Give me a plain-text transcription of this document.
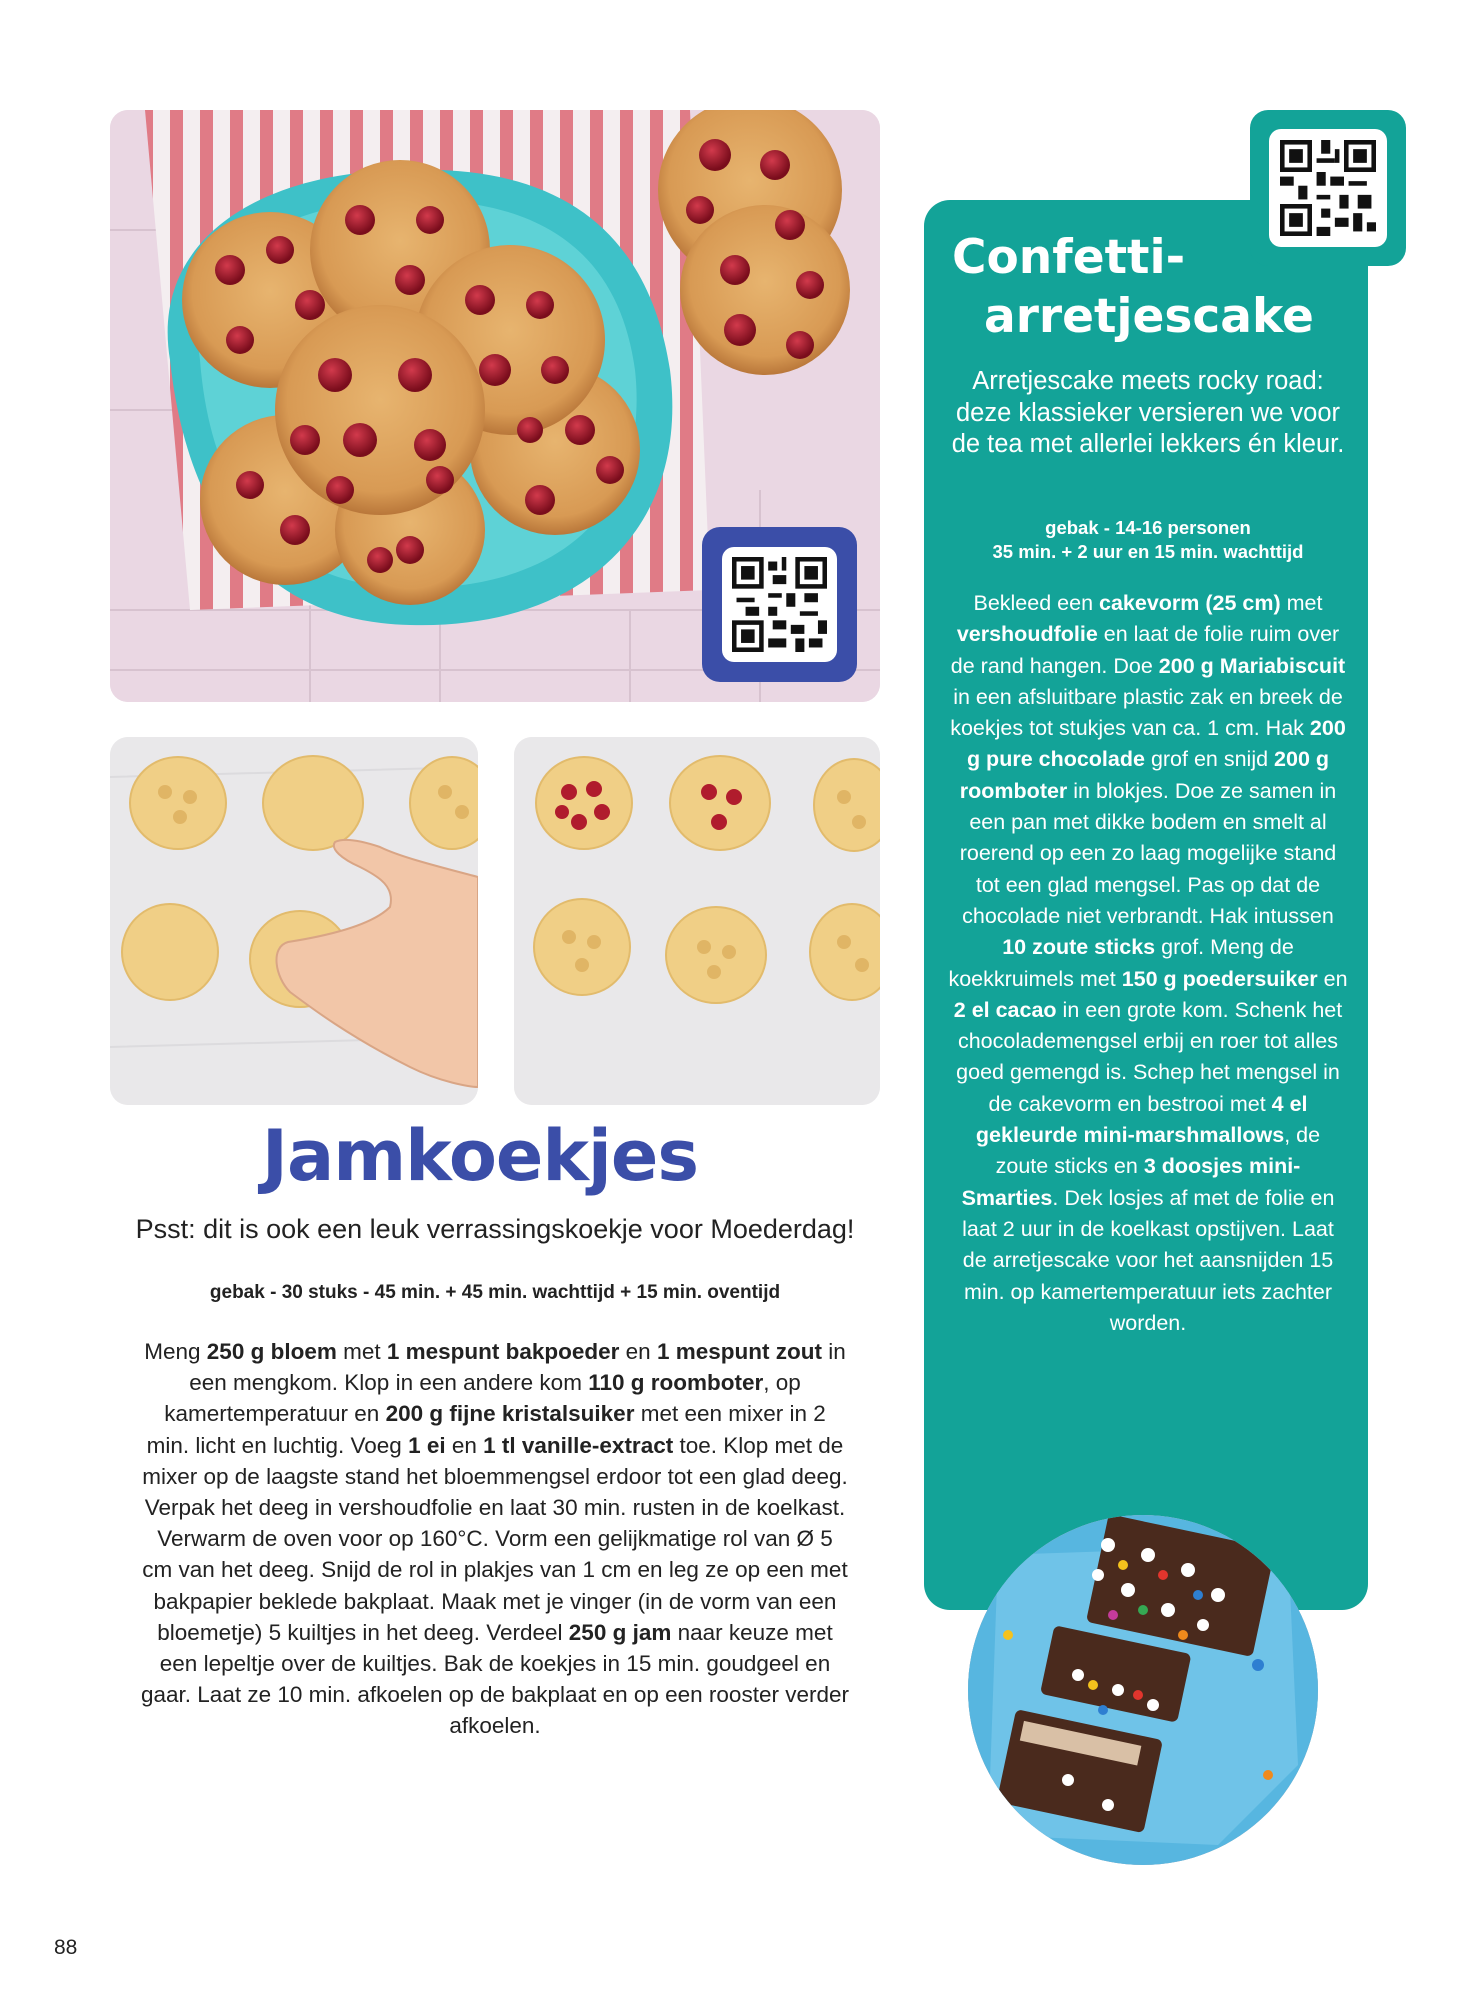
Jamkoekjes
Psst: dit is ook een leuk verrassingskoekje voor Moederdag!
gebak - 30 stuks - 45 min. + 45 min. wachttijd + 15 min. oventijd
Meng 250 g bloem met 1 mespunt bakpoeder en 1 mespunt zout in een mengkom. Klop in een andere kom 110 g roomboter, op kamertemperatuur en 200 g fijne kristalsuiker met een mixer in 2 min. licht en luchtig. Voeg 1 ei en 1 tl vanille-extract toe. Klop met de mixer op de laagste stand het bloemmengsel erdoor tot een glad deeg. Verpak het deeg in vershoudfolie en laat 30 min. rusten in de koelkast. Verwarm de oven voor op 160°C. Vorm een gelijkmatige rol van Ø 5 cm van het deeg. Snijd de rol in plakjes van 1 cm en leg ze op een met bakpapier beklede bakplaat. Maak met je vinger (in de vorm van een bloemetje) 5 kuiltjes in het deeg. Verdeel 250 g jam naar keuze met een lepeltje over de kuiltjes. Bak de koekjes in 15 min. goudgeel en gaar. Laat ze 10 min. afkoelen op de bakplaat en op een rooster verder afkoelen.
Confetti-
arretjescake
Arretjescake meets rocky road: deze klassieker versieren we voor de tea met allerlei lekkers én kleur.
gebak - 14-16 personen
35 min. + 2 uur en 15 min. wachttijd
Bekleed een cakevorm (25 cm) met vershoudfolie en laat de folie ruim over de rand hangen. Doe 200 g Mariabiscuit in een afsluitbare plastic zak en breek de koekjes tot stukjes van ca. 1 cm. Hak 200 g pure chocolade grof en snijd 200 g roomboter in blokjes. Doe ze samen in een pan met dikke bodem en smelt al roerend op een zo laag mogelijke stand tot een glad mengsel. Pas op dat de chocolade niet verbrandt. Hak intussen 10 zoute sticks grof. Meng de koekkruimels met 150 g poedersuiker en 2 el cacao in een grote kom. Schenk het chocolademengsel erbij en roer tot alles goed gemengd is. Schep het mengsel in de cakevorm en bestrooi met 4 el gekleurde mini-marshmallows, de zoute sticks en 3 doosjes mini-Smarties. Dek losjes af met de folie en laat 2 uur in de koelkast opstijven. Laat de arretjescake voor het aansnijden 15 min. op kamertemperatuur iets zachter worden.
88
